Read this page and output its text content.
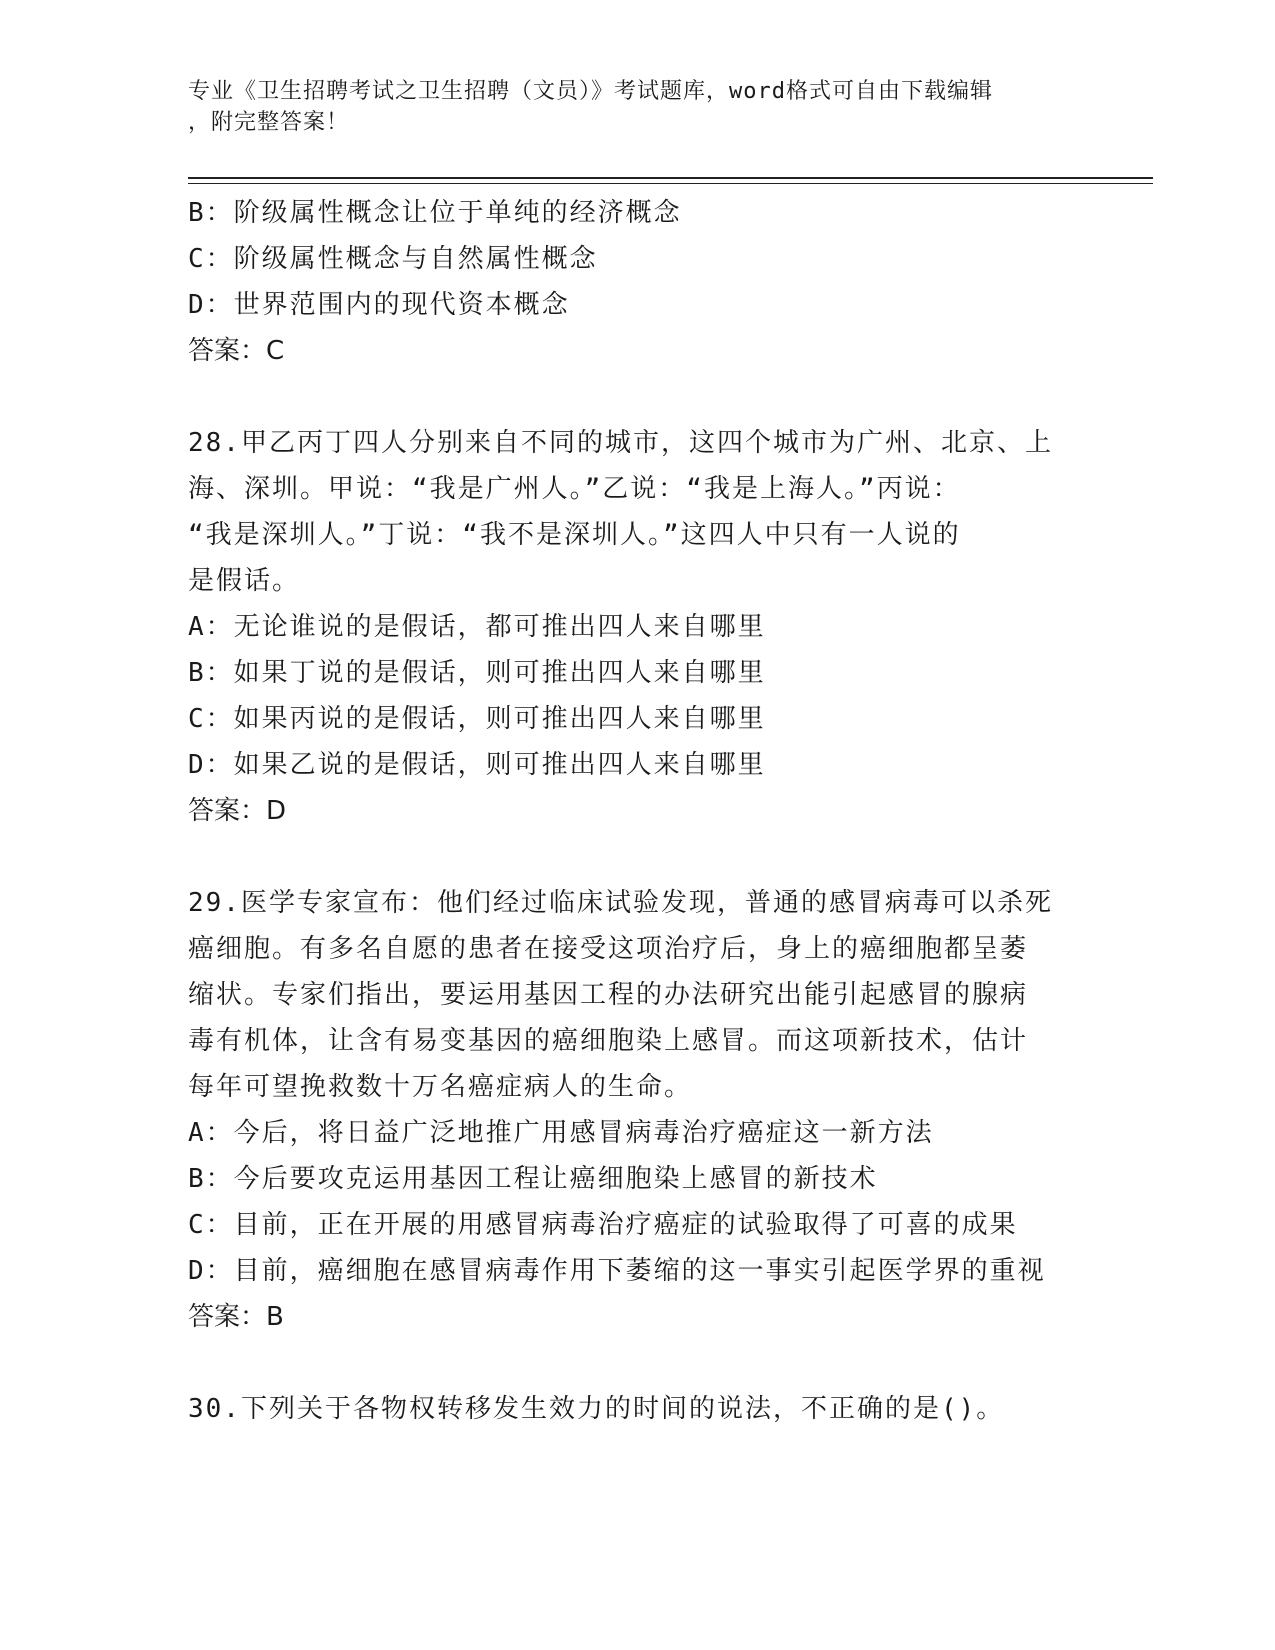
专业《卫生招聘考试之卫生招聘（文员）》考试题库，word格式可自由下载编辑
，附完整答案！
B：阶级属性概念让位于单纯的经济概念
C：阶级属性概念与自然属性概念
D：世界范围内的现代资本概念
答案：C
28.甲乙丙丁四人分别来自不同的城市，这四个城市为广州、北京、上
海、深圳。甲说：“我是广州人。”乙说：“我是上海人。”丙说：
“我是深圳人。”丁说：“我不是深圳人。”这四人中只有一人说的
是假话。
A：无论谁说的是假话，都可推出四人来自哪里
B：如果丁说的是假话，则可推出四人来自哪里
C：如果丙说的是假话，则可推出四人来自哪里
D：如果乙说的是假话，则可推出四人来自哪里
答案：D
29.医学专家宣布：他们经过临床试验发现，普通的感冒病毒可以杀死
癌细胞。有多名自愿的患者在接受这项治疗后，身上的癌细胞都呈萎
缩状。专家们指出，要运用基因工程的办法研究出能引起感冒的腺病
毒有机体，让含有易变基因的癌细胞染上感冒。而这项新技术，估计
每年可望挽救数十万名癌症病人的生命。
A：今后，将日益广泛地推广用感冒病毒治疗癌症这一新方法
B：今后要攻克运用基因工程让癌细胞染上感冒的新技术
C：目前，正在开展的用感冒病毒治疗癌症的试验取得了可喜的成果
D：目前，癌细胞在感冒病毒作用下萎缩的这一事实引起医学界的重视
答案：B
30.下列关于各物权转移发生效力的时间的说法，不正确的是()。
